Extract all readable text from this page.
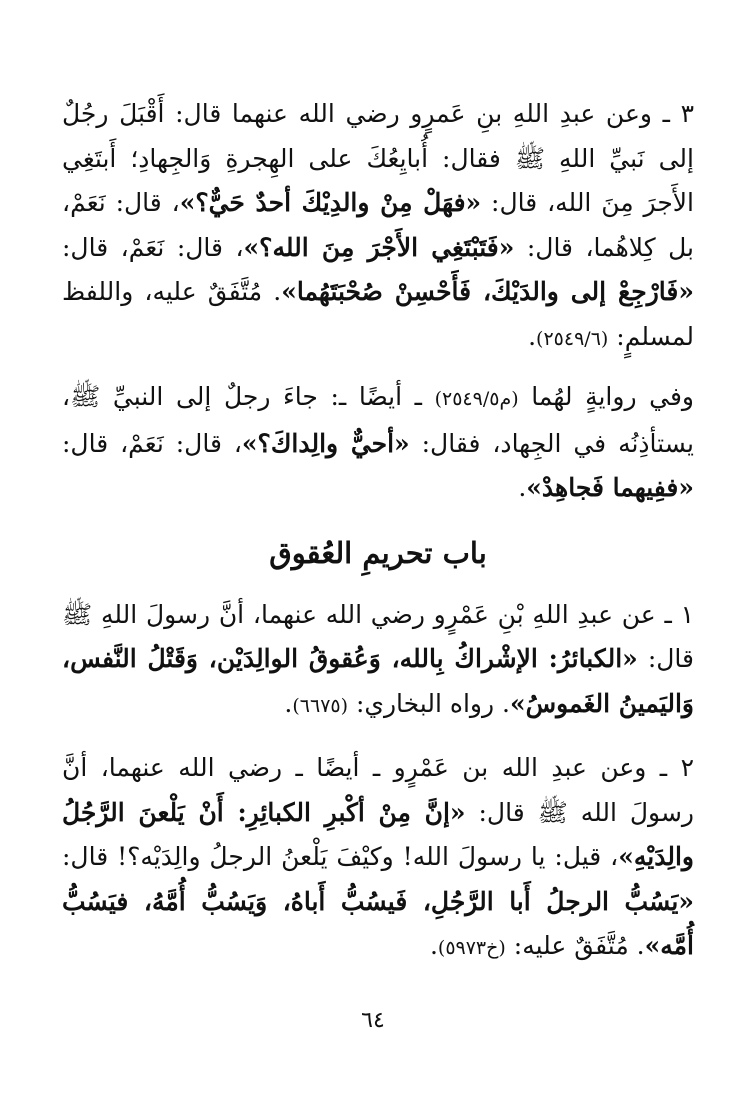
٣ ـ وعن عبدِ اللهِ بنِ عَمرٍو رضي الله عنهما قال: أَقْبَلَ رجُلٌ إلى نَبيِّ اللهِ ﷺ فقال: أُبايِعُكَ على الهِجرةِ وَالجِهادِ؛ أَبتَغِي الأَجرَ مِنَ الله، قال: «فهَلْ مِنْ والدِيْكَ أحدٌ حَيٌّ؟»، قال: نَعَمْ، بل كِلاهُما، قال: «فَتَبْتَغِي الأَجْرَ مِنَ الله؟»، قال: نَعَمْ، قال: «فَارْجِعْ إلى والدَيْكَ، فَأَحْسِنْ صُحْبَتَهُما». مُتَّفَقٌ عليه، واللفظ لمسلمٍ: (٢٥٤٩/٦).

وفي روايةٍ لهُما (م٢٥٤٩/٥) ـ أيضًا ـ: جاءَ رجلٌ إلى النبيِّ ﷺ، يستأذِنُه في الجِهاد، فقال: «أحيٌّ والِداكَ؟»، قال: نَعَمْ، قال: «ففِيهما فَجاهِدْ».

باب تحريمِ العُقوق

١ ـ عن عبدِ اللهِ بْنِ عَمْرٍو رضي الله عنهما، أنَّ رسولَ اللهِ ﷺ قال: «الكبائرُ: الإشْراكُ بِالله، وَعُقوقُ الوالِدَيْن، وَقَتْلُ النَّفس، وَاليَمينُ الغَموسُ». رواه البخاري: (٦٦٧٥).

٢ ـ وعن عبدِ الله بن عَمْرٍو ـ أيضًا ـ رضي الله عنهما، أنَّ رسولَ الله ﷺ قال: «إنَّ مِنْ أكْبرِ الكبائِرِ: أَنْ يَلْعنَ الرَّجُلُ والِدَيْهِ»، قيل: يا رسولَ الله! وكيْفَ يَلْعنُ الرجلُ والِدَيْه؟! قال: «يَسُبُّ الرجلُ أَبا الرَّجُلِ، فَيسُبُّ أَباهُ، وَيَسُبُّ أُمَّهُ، فيَسُبُّ أُمَّه». مُتَّفَقٌ عليه: (خ٥٩٧٣).

٦٤
